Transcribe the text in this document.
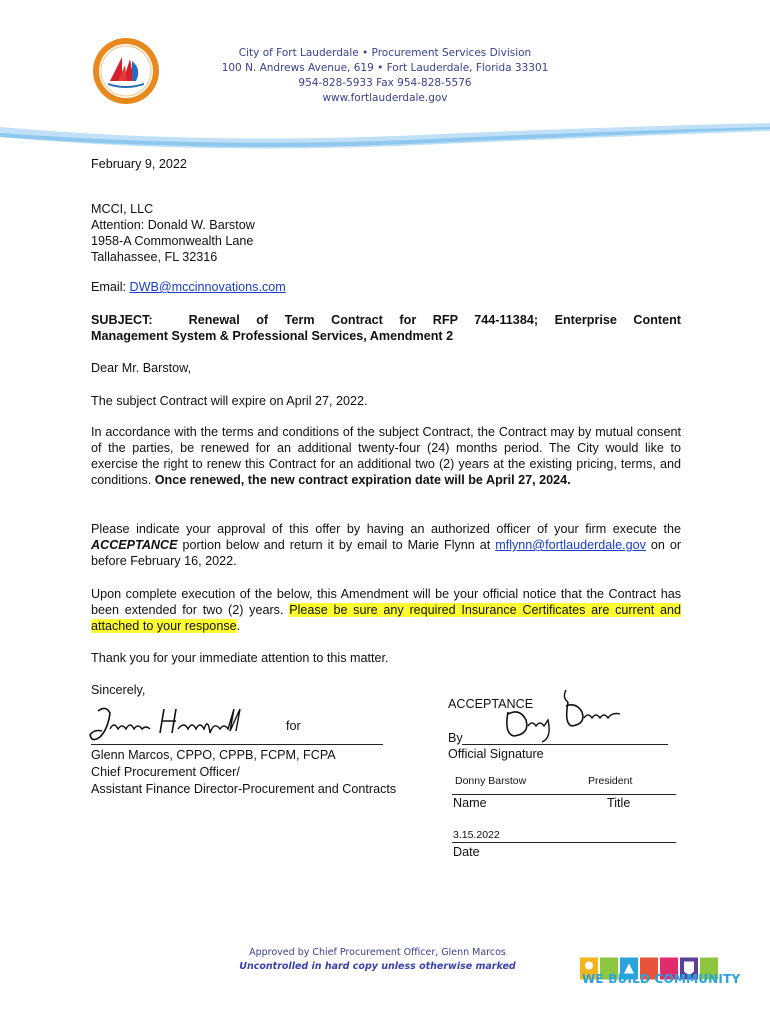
City of Fort Lauderdale • Procurement Services Division
100 N. Andrews Avenue, 619 • Fort Lauderdale, Florida 33301
954-828-5933 Fax 954-828-5576
www.fortlauderdale.gov
February 9, 2022
MCCI, LLC
Attention: Donald W. Barstow
1958-A Commonwealth Lane
Tallahassee, FL 32316
Email: DWB@mccinnovations.com
SUBJECT:	Renewal of Term Contract for RFP 744-11384; Enterprise Content
Management System & Professional Services, Amendment 2
Dear Mr. Barstow,
The subject Contract will expire on April 27, 2022.
In accordance with the terms and conditions of the subject Contract, the Contract may by mutual consent of the parties, be renewed for an additional twenty-four (24) months period. The City would like to exercise the right to renew this Contract for an additional two (2) years at the existing pricing, terms, and conditions. Once renewed, the new contract expiration date will be April 27, 2024.
Please indicate your approval of this offer by having an authorized officer of your firm execute the ACCEPTANCE portion below and return it by email to Marie Flynn at mflynn@fortlauderdale.gov on or before February 16, 2022.
Upon complete execution of the below, this Amendment will be your official notice that the Contract has been extended for two (2) years. Please be sure any required Insurance Certificates are current and attached to your response.
Thank you for your immediate attention to this matter.
Sincerely,
for
Glenn Marcos, CPPO, CPPB, FCPM, FCPA
Chief Procurement Officer/
Assistant Finance Director-Procurement and Contracts
ACCEPTANCE
By
Official Signature
Donny Barstow	President
Name	Title
3.15.2022
Date
Approved by Chief Procurement Officer, Glenn Marcos
Uncontrolled in hard copy unless otherwise marked
WE BUILD COMMUNITY
